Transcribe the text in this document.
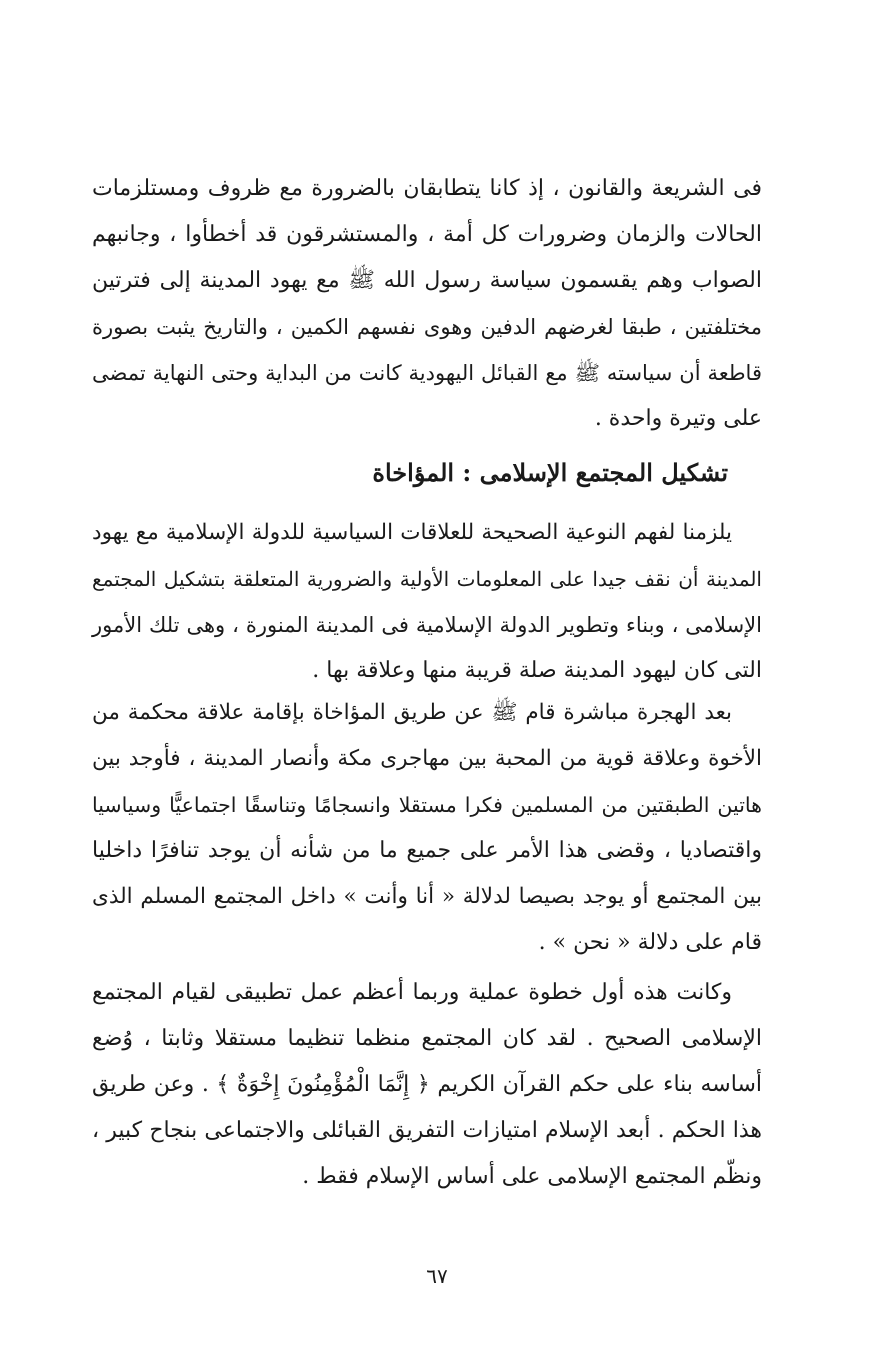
فى الشريعة والقانون ، إذ كانا يتطابقان بالضرورة مع ظروف ومستلزمات
الحالات والزمان وضرورات كل أمة ، والمستشرقون قد أخطأوا ، وجانبهم
الصواب وهم يقسمون سياسة رسول الله ﷺ مع يهود المدينة إلى فترتين
مختلفتين ، طبقا لغرضهم الدفين وهوى نفسهم الكمين ، والتاريخ يثبت بصورة
قاطعة أن سياسته ﷺ مع القبائل اليهودية كانت من البداية وحتى النهاية تمضى
على وتيرة واحدة .
تشكيل المجتمع الإسلامى : المؤاخاة
يلزمنا لفهم النوعية الصحيحة للعلاقات السياسية للدولة الإسلامية مع يهود
المدينة أن نقف جيدا على المعلومات الأولية والضرورية المتعلقة بتشكيل المجتمع
الإسلامى ، وبناء وتطوير الدولة الإسلامية فى المدينة المنورة ، وهى تلك الأمور
التى كان ليهود المدينة صلة قريبة منها وعلاقة بها .
بعد الهجرة مباشرة قام ﷺ عن طريق المؤاخاة بإقامة علاقة محكمة من
الأخوة وعلاقة قوية من المحبة بين مهاجرى مكة وأنصار المدينة ، فأوجد بين
هاتين الطبقتين من المسلمين فكرا مستقلا وانسجامًا وتناسقًا اجتماعيًّا وسياسيا
واقتصاديا ، وقضى هذا الأمر على جميع ما من شأنه أن يوجد تنافرًا داخليا
بين المجتمع أو يوجد بصيصا لدلالة « أنا وأنت » داخل المجتمع المسلم الذى
قام على دلالة « نحن » .
وكانت هذه أول خطوة عملية وربما أعظم عمل تطبيقى لقيام المجتمع
الإسلامى الصحيح . لقد كان المجتمع منظما تنظيما مستقلا وثابتا ، وُضع
أساسه بناء على حكم القرآن الكريم ﴿ إِنَّمَا الْمُؤْمِنُونَ إِخْوَةٌ ﴾ . وعن طريق
هذا الحكم . أبعد الإسلام امتيازات التفريق القبائلى والاجتماعى بنجاح كبير ،
ونظّم المجتمع الإسلامى على أساس الإسلام فقط .
٦٧
